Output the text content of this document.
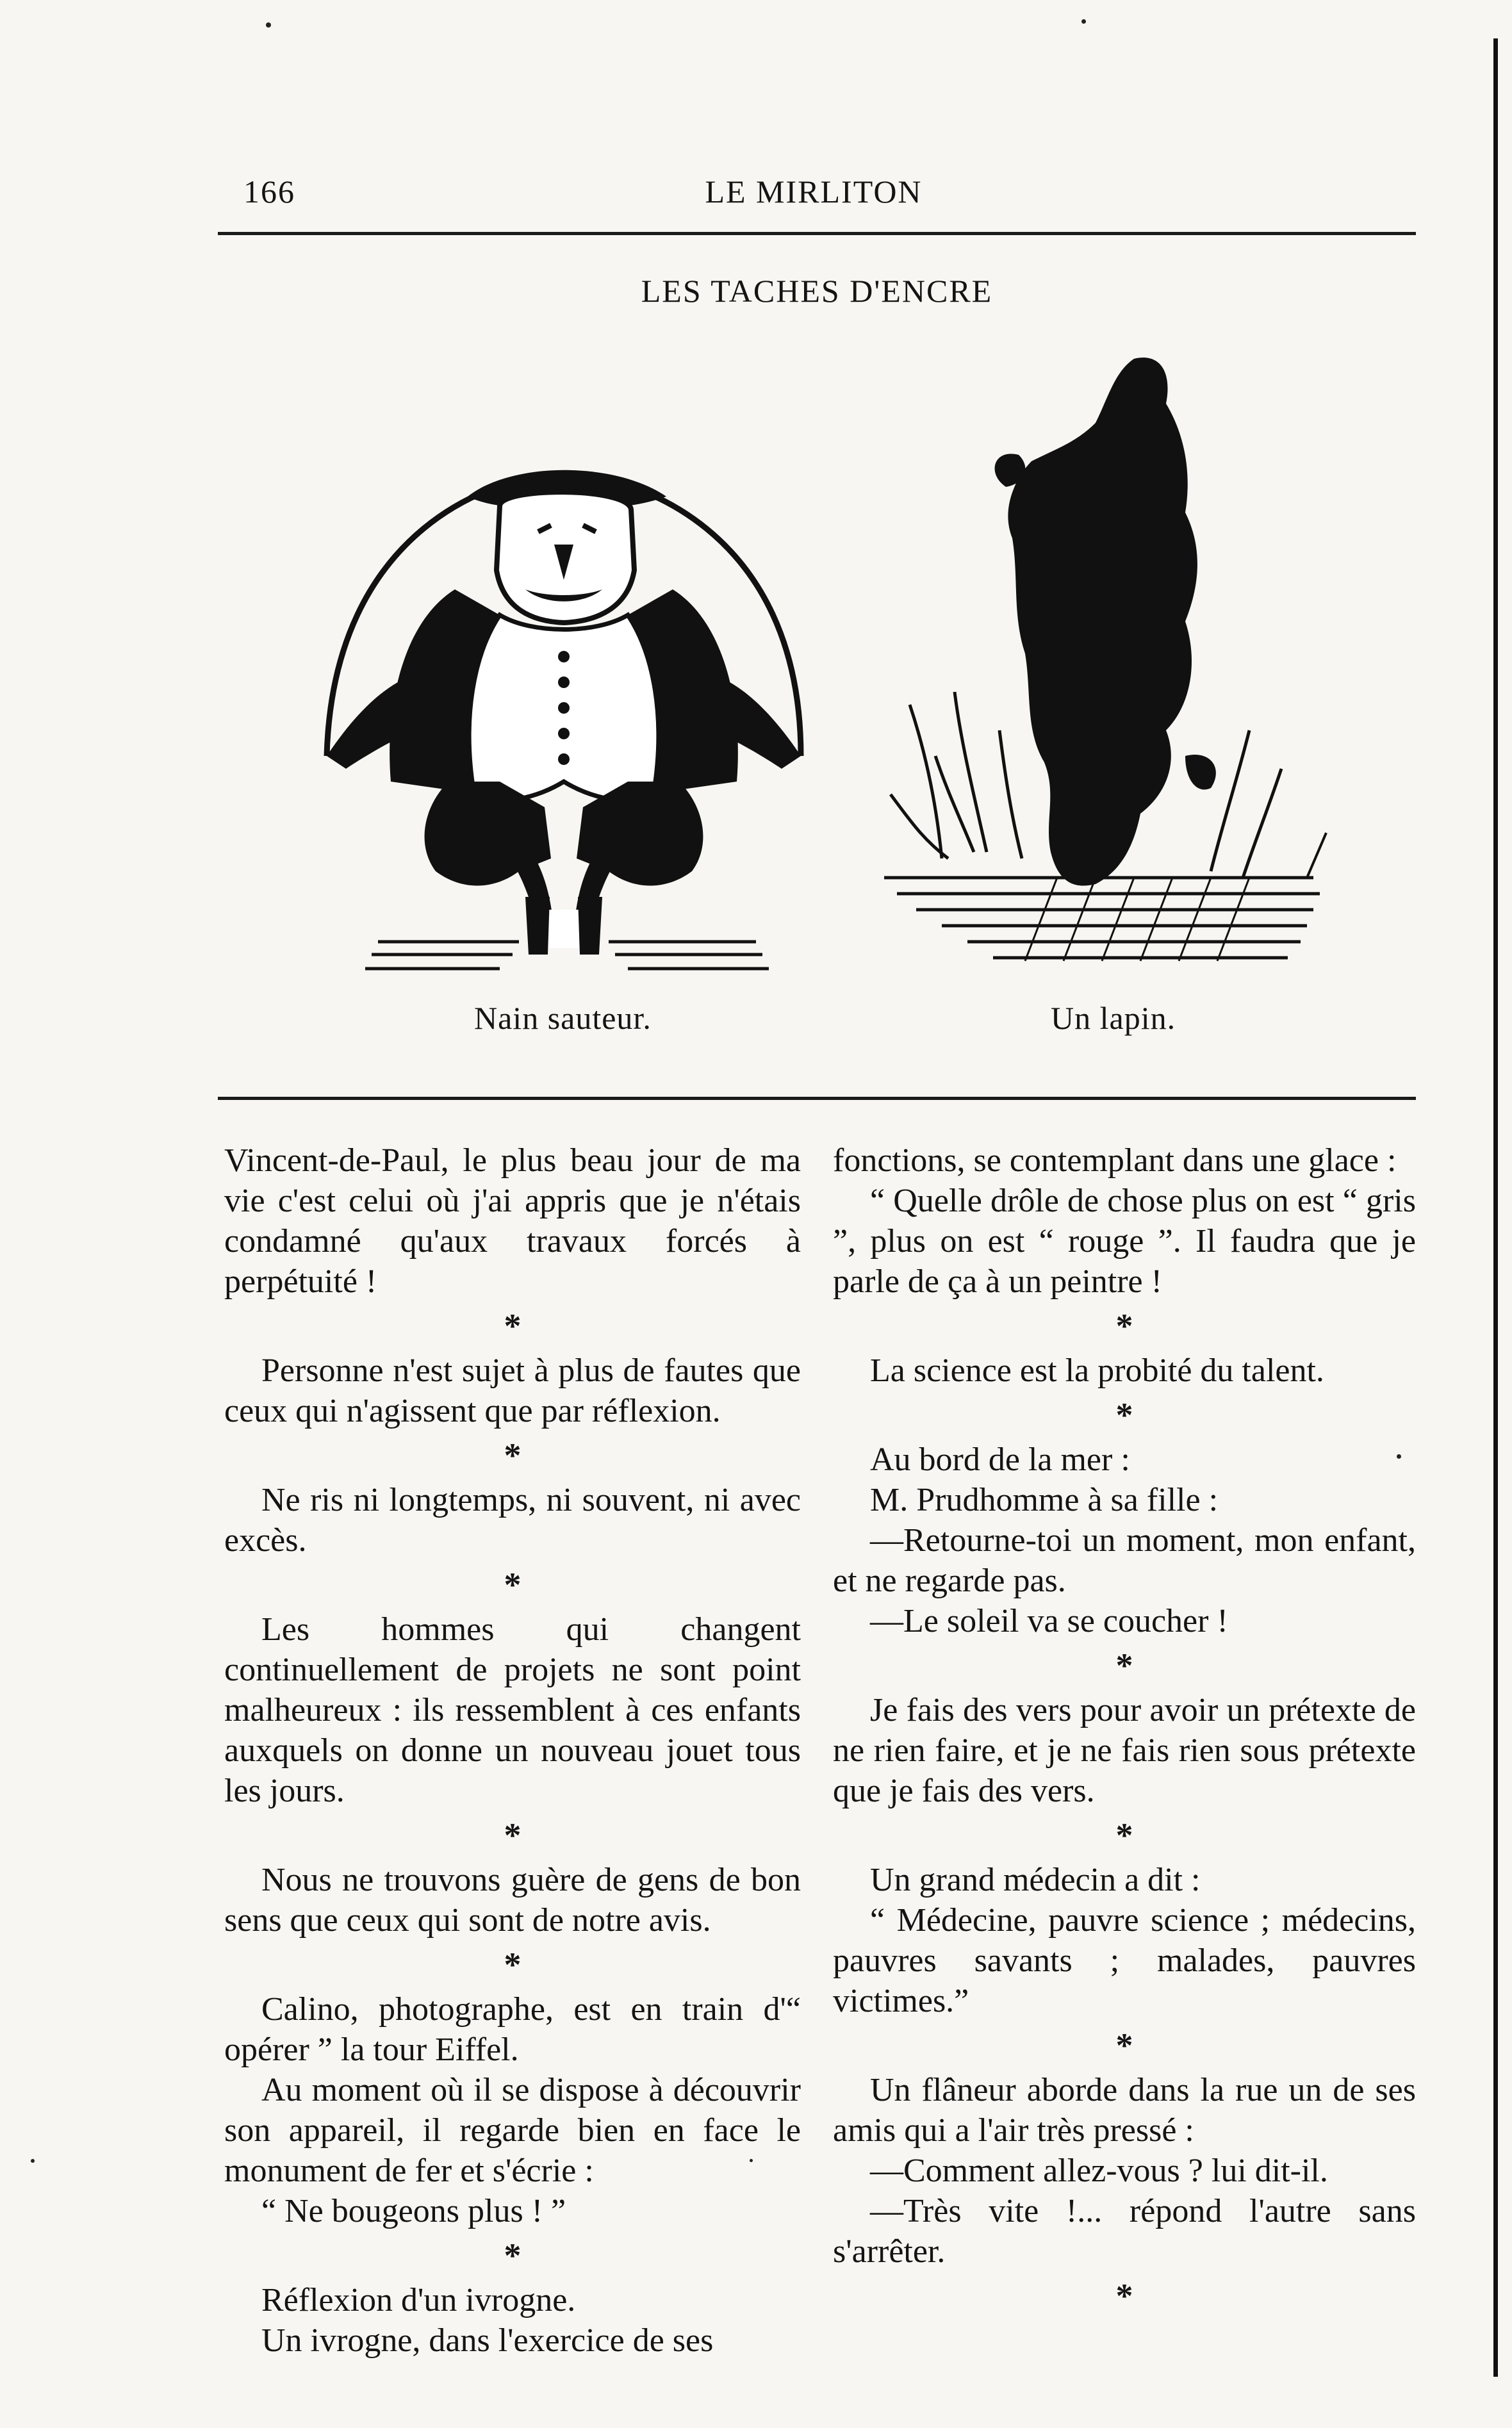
166	LE MIRLITON
LES TACHES D'ENCRE
Nain sauteur.	Un lapin.

Vincent-de-Paul, le plus beau jour de ma vie c'est celui où j'ai appris que je n'étais condamné qu'aux travaux forcés à perpétuité !

*

Personne n'est sujet à plus de fautes que ceux qui n'agissent que par réflexion.

*

Ne ris ni longtemps, ni souvent, ni avec excès.

*

Les hommes qui changent continuellement de projets ne sont point malheureux : ils ressemblent à ces enfants auxquels on donne un nouveau jouet tous les jours.

*

Nous ne trouvons guère de gens de bon sens que ceux qui sont de notre avis.

*

Calino, photographe, est en train d'“ opérer ” la tour Eiffel.

Au moment où il se dispose à découvrir son appareil, il regarde bien en face le monument de fer et s'écrie :

“ Ne bougeons plus ! ”

*

Réflexion d'un ivrogne.

Un ivrogne, dans l'exercice de ses

fonctions, se contemplant dans une glace :

“ Quelle drôle de chose plus on est “ gris ”, plus on est “ rouge ”. Il faudra que je parle de ça à un peintre !

*

La science est la probité du talent.

*

Au bord de la mer :

M. Prudhomme à sa fille :

—Retourne-toi un moment, mon enfant, et ne regarde pas.

—Le soleil va se coucher !

*

Je fais des vers pour avoir un prétexte de ne rien faire, et je ne fais rien sous prétexte que je fais des vers.

*

Un grand médecin a dit :

“ Médecine, pauvre science ; médecins, pauvres savants ; malades, pauvres victimes.”

*

Un flâneur aborde dans la rue un de ses amis qui a l'air très pressé :

—Comment allez-vous ? lui dit-il.

—Très vite !... répond l'autre sans s'arrêter.

*
